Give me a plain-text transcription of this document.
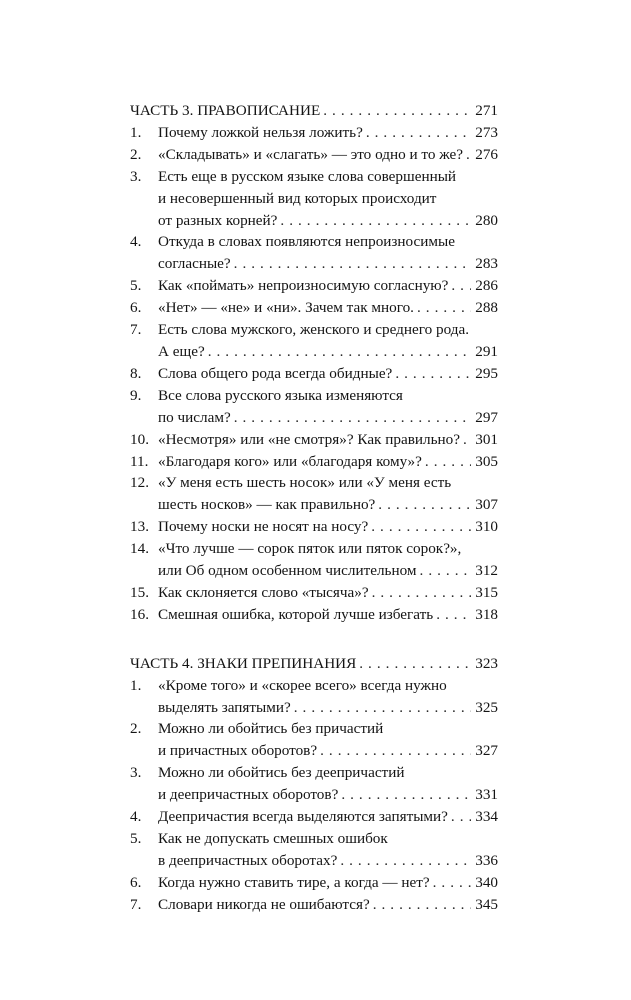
ЧАСТЬ 3. ПРАВОПИСАНИЕ . . .	271
1.	Почему ложкой нельзя ложить? . . .	273
2.	«Складывать» и «слагать» — это одно и то же? . . . 276
3.	Есть еще в русском языке слова совершенный
и несовершенный вид которых происходит
от разных корней? . . .	280
4.	Откуда в словах появляются непроизносимые
согласные? . . .	283
5.	Как «поймать» непроизносимую согласную? . . . 286
6.	«Нет» — «не» и «ни». Зачем так много. . . .	288
7.	Есть слова мужского, женского и среднего рода.
А еще? . . .	291
8.	Слова общего рода всегда обидные? . . .	295
9.	Все слова русского языка изменяются
по числам? . . .	297
10. «Несмотря» или «не смотря»? Как правильно? . . . 301
11. «Благодаря кого» или «благодаря кому»? . . .	305
12. «У меня есть шесть носок» или «У меня есть
шесть носков» — как правильно? . . .	307
13. Почему носки не носят на носу? . . .	310
14. «Что лучше — сорок пяток или пяток сорок?»,
или Об одном особенном числительном . . .	312
15. Как склоняется слово «тысяча»? . . .	315
16. Смешная ошибка, которой лучше избегать . . .	318
ЧАСТЬ 4. ЗНАКИ ПРЕПИНАНИЯ . . .	323
1.	«Кроме того» и «скорее всего» всегда нужно
выделять запятыми? . . .	325
2.	Можно ли обойтись без причастий
и причастных оборотов? . . .	327
3.	Можно ли обойтись без деепричастий
и деепричастных оборотов? . . .	331
4.	Деепричастия всегда выделяются запятыми? . . . 334
5.	Как не допускать смешных ошибок
в деепричастных оборотах? . . .	336
6.	Когда нужно ставить тире, а когда — нет? . . .	340
7.	Словари никогда не ошибаются? . . .	345
